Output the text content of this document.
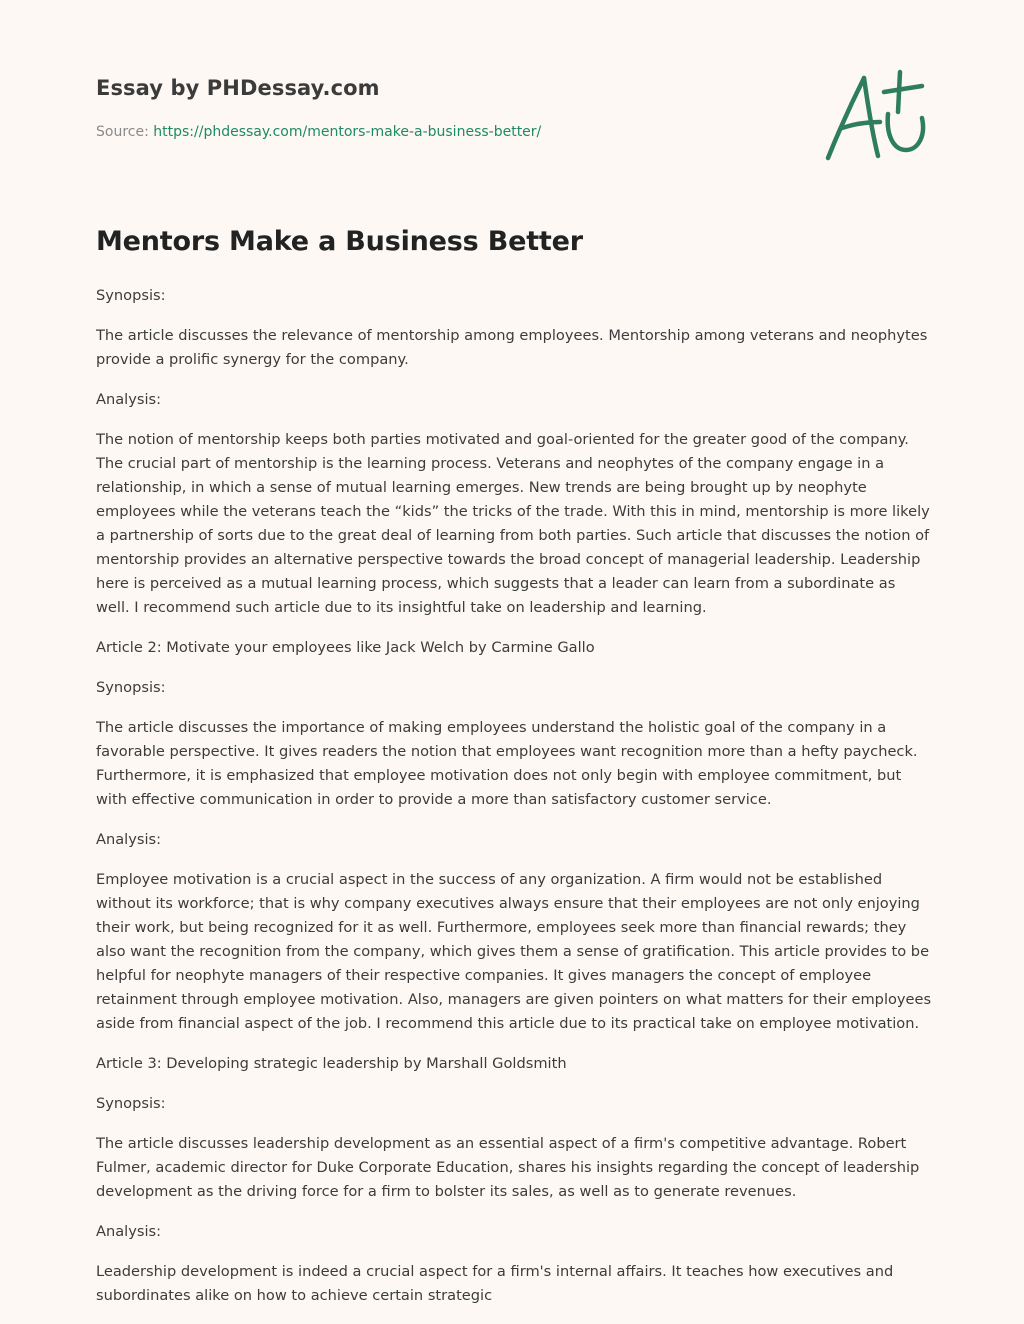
Essay by PHDessay.com

Source: https://phdessay.com/mentors-make-a-business-better/

Mentors Make a Business Better

Synopsis:

The article discusses the relevance of mentorship among employees. Mentorship among veterans and neophytes provide a prolific synergy for the company.

Analysis:

The notion of mentorship keeps both parties motivated and goal-oriented for the greater good of the company. The crucial part of mentorship is the learning process. Veterans and neophytes of the company engage in a relationship, in which a sense of mutual learning emerges. New trends are being brought up by neophyte employees while the veterans teach the “kids” the tricks of the trade. With this in mind, mentorship is more likely a partnership of sorts due to the great deal of learning from both parties. Such article that discusses the notion of mentorship provides an alternative perspective towards the broad concept of managerial leadership. Leadership here is perceived as a mutual learning process, which suggests that a leader can learn from a subordinate as well. I recommend such article due to its insightful take on leadership and learning.

Article 2: Motivate your employees like Jack Welch by Carmine Gallo

Synopsis:

The article discusses the importance of making employees understand the holistic goal of the company in a favorable perspective. It gives readers the notion that employees want recognition more than a hefty paycheck. Furthermore, it is emphasized that employee motivation does not only begin with employee commitment, but with effective communication in order to provide a more than satisfactory customer service.

Analysis:

Employee motivation is a crucial aspect in the success of any organization. A firm would not be established without its workforce; that is why company executives always ensure that their employees are not only enjoying their work, but being recognized for it as well. Furthermore, employees seek more than financial rewards; they also want the recognition from the company, which gives them a sense of gratification. This article provides to be helpful for neophyte managers of their respective companies. It gives managers the concept of employee retainment through employee motivation. Also, managers are given pointers on what matters for their employees aside from financial aspect of the job. I recommend this article due to its practical take on employee motivation.

Article 3: Developing strategic leadership by Marshall Goldsmith

Synopsis:

The article discusses leadership development as an essential aspect of a firm's competitive advantage. Robert Fulmer, academic director for Duke Corporate Education, shares his insights regarding the concept of leadership development as the driving force for a firm to bolster its sales, as well as to generate revenues.

Analysis:

Leadership development is indeed a crucial aspect for a firm's internal affairs. It teaches how executives and subordinates alike on how to achieve certain strategic
